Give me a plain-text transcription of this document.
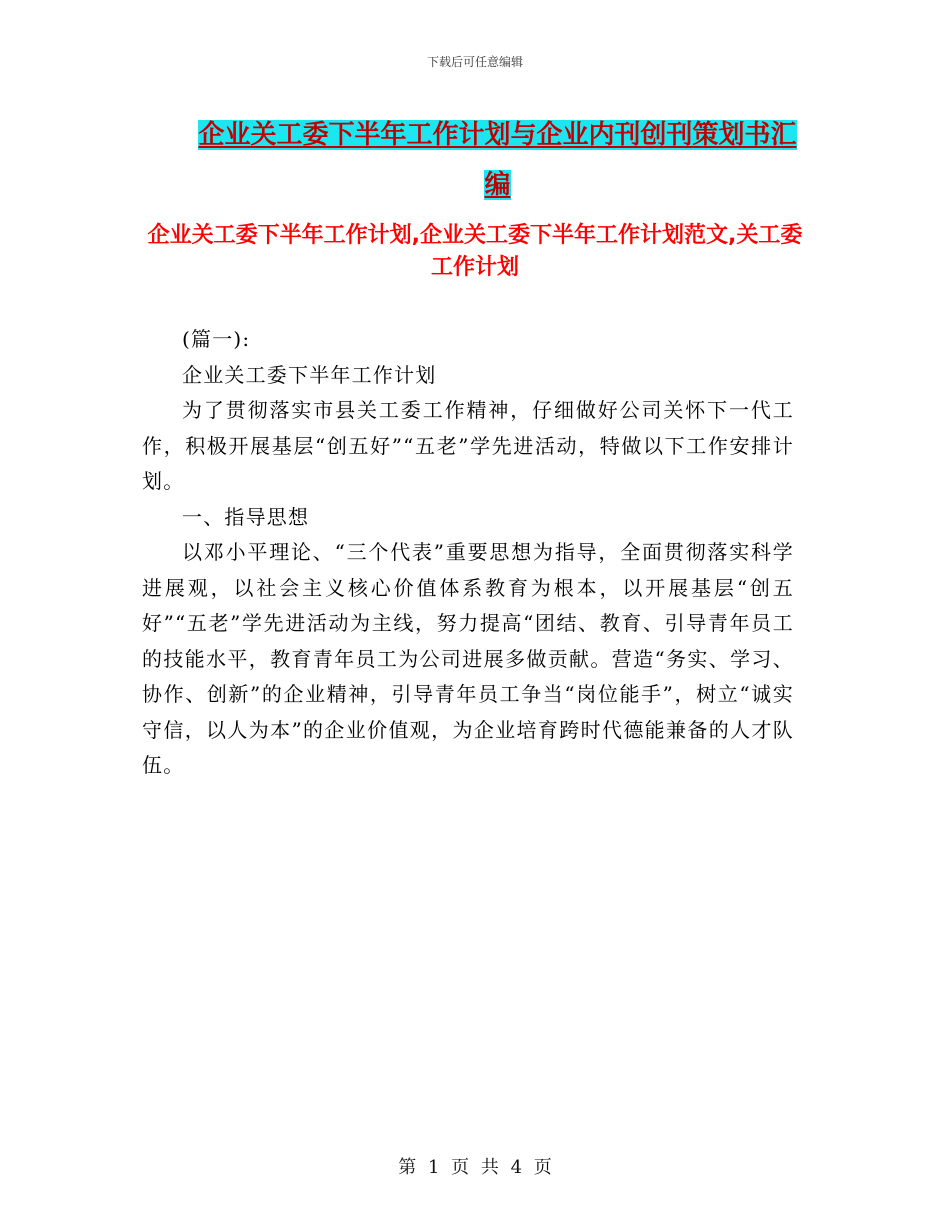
下载后可任意编辑
企业关工委下半年工作计划与企业内刊创刊策划书汇编
企业关工委下半年工作计划,企业关工委下半年工作计划范文,关工委工作计划

(篇一):

企业关工委下半年工作计划

为了贯彻落实市县关工委工作精神，仔细做好公司关怀下一代工作，积极开展基层“创五好”“五老”学先进活动，特做以下工作安排计划。

一、指导思想

以邓小平理论、“三个代表”重要思想为指导，全面贯彻落实科学进展观，以社会主义核心价值体系教育为根本，以开展基层“创五好”“五老”学先进活动为主线，努力提高“团结、教育、引导青年员工的技能水平，教育青年员工为公司进展多做贡献。营造“务实、学习、协作、创新”的企业精神，引导青年员工争当“岗位能手”，树立“诚实守信，以人为本”的企业价值观，为企业培育跨时代德能兼备的人才队伍。

第 1 页 共 4 页
